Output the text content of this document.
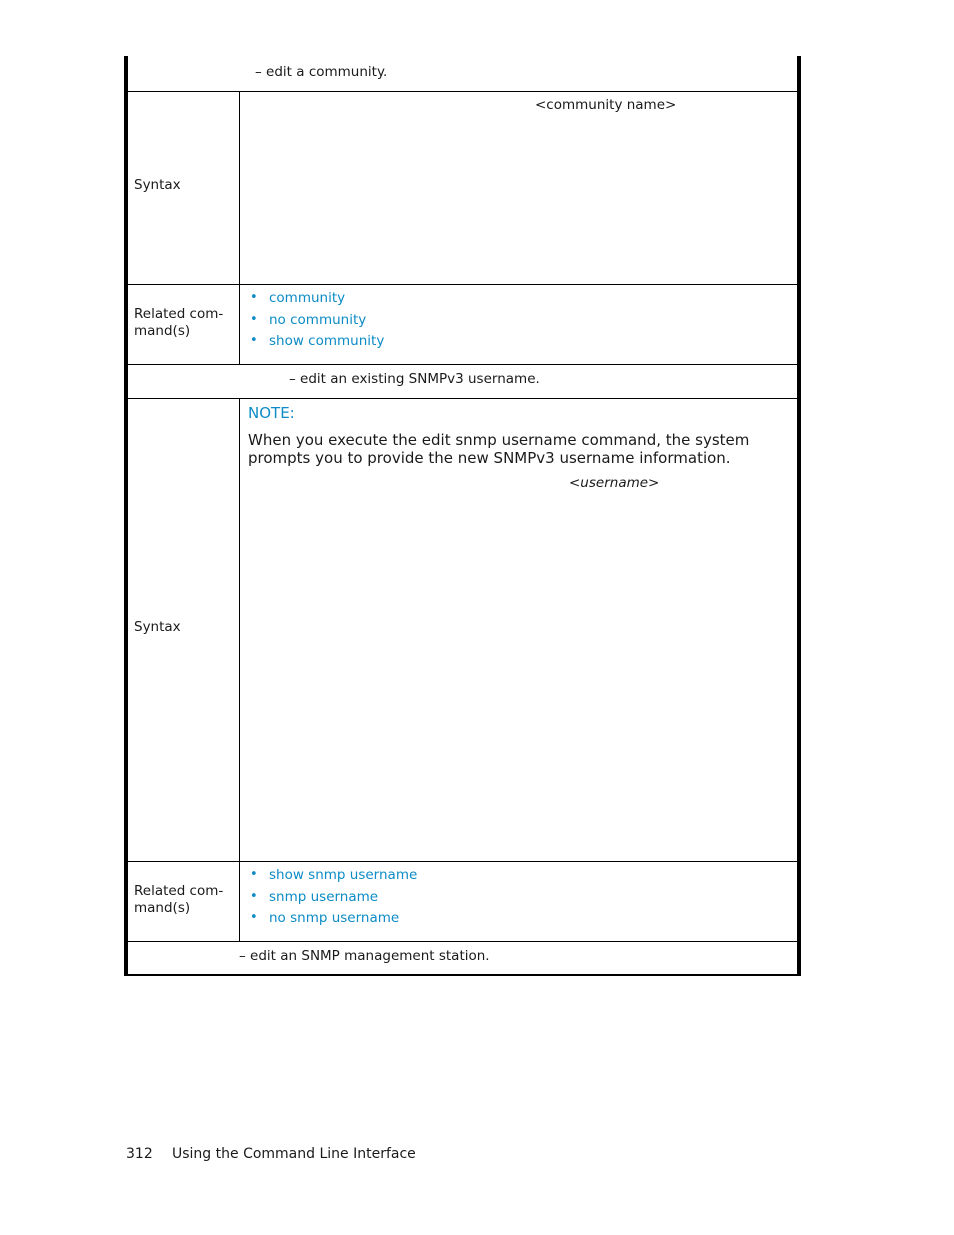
– edit a community.
Syntax
<community name>
Related com-
mand(s)
• community
• no community
• show community
– edit an existing SNMPv3 username.
Syntax
NOTE:
When you execute the edit snmp username command, the system prompts you to provide the new SNMPv3 username information.
<username>
Related com-
mand(s)
• show snmp username
• snmp username
• no snmp username
– edit an SNMP management station.
312 Using the Command Line Interface
